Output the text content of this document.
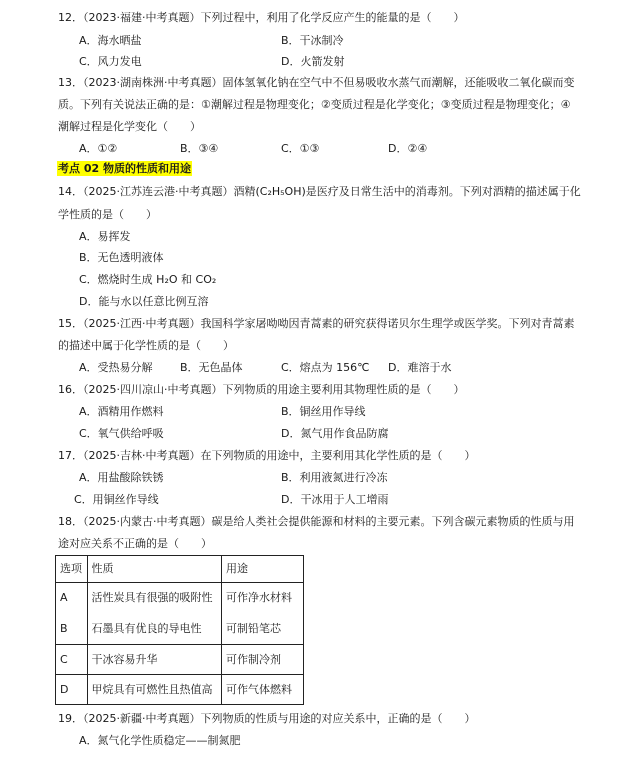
12．（2023·福建·中考真题）下列过程中，利用了化学反应产生的能量的是（　　）
A．海水晒盐	B．干冰制冷
C．风力发电	D．火箭发射
13．（2023·湖南株洲·中考真题）固体氢氧化钠在空气中不但易吸收水蒸气而潮解，还能吸收二氧化碳而变
质。下列有关说法正确的是：①潮解过程是物理变化；②变质过程是化学变化；③变质过程是物理变化；④
潮解过程是化学变化（　　）
A．①②	B．③④	C．①③	D．②④
考点 02 物质的性质和用途
14．（2025·江苏连云港·中考真题）酒精(C₂H₅OH)是医疗及日常生活中的消毒剂。下列对酒精的描述属于化
学性质的是（　　）
A．易挥发
B．无色透明液体
C．燃烧时生成 H₂O 和 CO₂
D．能与水以任意比例互溶
15．（2025·江西·中考真题）我国科学家屠呦呦因青蒿素的研究获得诺贝尔生理学或医学奖。下列对青蒿素
的描述中属于化学性质的是（　　）
A．受热易分解 B．无色晶体	C．熔点为 156℃ D．难溶于水
16．（2025·四川凉山·中考真题）下列物质的用途主要利用其物理性质的是（　　）
A．酒精用作燃料	B．铜丝用作导线
C．氧气供给呼吸	D．氮气用作食品防腐
17．（2025·吉林·中考真题）在下列物质的用途中，主要利用其化学性质的是（　　）
A．用盐酸除铁锈	B．利用液氮进行冷冻
C．用铜丝作导线	D．干冰用于人工增雨
18．（2025·内蒙古·中考真题）碳是给人类社会提供能源和材料的主要元素。下列含碳元素物质的性质与用
途对应关系不正确的是（　　）
选项	性质	用途
A	活性炭具有很强的吸附性	可作净水材料
B	石墨具有优良的导电性	可制铅笔芯
C	干冰容易升华	可作制冷剂
D	甲烷具有可燃性且热值高	可作气体燃料
19．（2025·新疆·中考真题）下列物质的性质与用途的对应关系中，正确的是（　　）
A．氮气化学性质稳定——制氮肥
